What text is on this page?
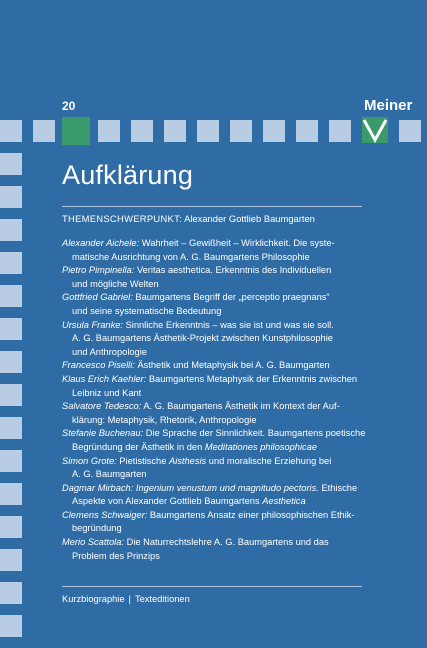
20	Meiner
Aufklärung
THEMENSCHWERPUNKT: Alexander Gottlieb Baumgarten

Alexander Aichele: Wahrheit – Gewißheit – Wirklichkeit. Die syste-
matische Ausrichtung von A. G. Baumgartens Philosophie

Pietro Pimpinella: Veritas aesthetica. Erkenntnis des Individuellen
und mögliche Welten

Gottfried Gabriel: Baumgartens Begriff der „perceptio praegnans“
und seine systematische Bedeutung

Ursula Franke: Sinnliche Erkenntnis – was sie ist und was sie soll.
A. G. Baumgartens Ästhetik-Projekt zwischen Kunstphilosophie
und Anthropologie

Francesco Piselli: Ästhetik und Metaphysik bei A. G. Baumgarten

Klaus Erich Kaehler: Baumgartens Metaphysik der Erkenntnis zwischen
Leibniz und Kant

Salvatore Tedesco: A. G. Baumgartens Ästhetik im Kontext der Auf-
klärung: Metaphysik, Rhetorik, Anthropologie

Stefanie Buchenau: Die Sprache der Sinnlichkeit. Baumgartens poetische
Begründung der Ästhetik in den Meditationes philosophicae

Simon Grote: Pietistische Aisthesis und moralische Erziehung bei
A. G. Baumgarten

Dagmar Mirbach: Ingenium venustum und magnitudo pectoris. Ethische
Aspekte von Alexander Gottlieb Baumgartens Aesthetica

Clemens Schwaiger: Baumgartens Ansatz einer philosophischen Ethik-
begründung

Merio Scattola: Die Naturrechtslehre A. G. Baumgartens und das
Problem des Prinzips

Kurzbiographie | Texteditionen
